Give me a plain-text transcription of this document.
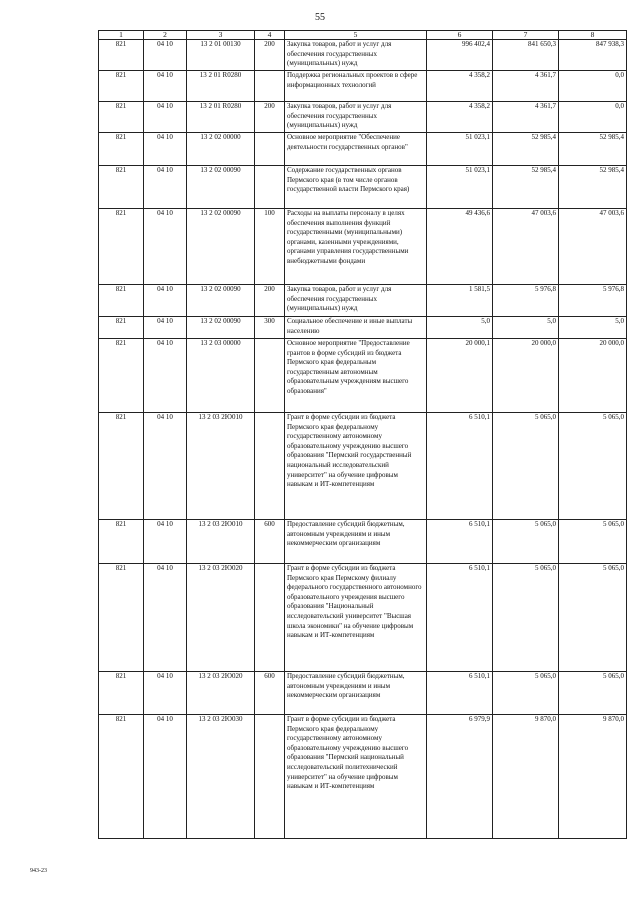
55
1	2	3	4	5	6	7	8
821	04 10	13 2 01 00130	200	Закупка товаров, работ и услуг для обеспечения государственных (муниципальных) нужд	996 402,4	841 650,3	847 938,3
821	04 10	13 2 01 R0280		Поддержка региональных проектов в сфере информационных технологий	4 358,2	4 361,7	0,0
821	04 10	13 2 01 R0280	200	Закупка товаров, работ и услуг для обеспечения государственных (муниципальных) нужд	4 358,2	4 361,7	0,0
821	04 10	13 2 02 00000		Основное мероприятие "Обеспечение деятельности государственных органов"	51 023,1	52 985,4	52 985,4
821	04 10	13 2 02 00090		Содержание государственных органов Пермского края (в том числе органов государственной власти Пермского края)	51 023,1	52 985,4	52 985,4
821	04 10	13 2 02 00090	100	Расходы на выплаты персоналу в целях обеспечения выполнения функций государственными (муниципальными) органами, казенными учреждениями, органами управления государственными внебюджетными фондами	49 436,6	47 003,6	47 003,6
821	04 10	13 2 02 00090	200	Закупка товаров, работ и услуг для обеспечения государственных (муниципальных) нужд	1 581,5	5 976,8	5 976,8
821	04 10	13 2 02 00090	300	Социальное обеспечение и иные выплаты населению	5,0	5,0	5,0
821	04 10	13 2 03 00000		Основное мероприятие "Предоставление грантов в форме субсидий из бюджета Пермского края федеральным государственным автономным образовательным учреждениям высшего образования"	20 000,1	20 000,0	20 000,0
821	04 10	13 2 03 2Ю010		Грант в форме субсидии из бюджета Пермского края федеральному государственному автономному образовательному учреждению высшего образования "Пермский государственный национальный исследовательский университет" на обучение цифровым навыкам и ИТ-компетенциям	6 510,1	5 065,0	5 065,0
821	04 10	13 2 03 2Ю010	600	Предоставление субсидий бюджетным, автономным учреждениям и иным некоммерческим организациям	6 510,1	5 065,0	5 065,0
821	04 10	13 2 03 2Ю020		Грант в форме субсидии из бюджета Пермского края Пермскому филиалу федерального государственного автономного образовательного учреждения высшего образования "Национальный исследовательский университет "Высшая школа экономики" на обучение цифровым навыкам и ИТ-компетенциям	6 510,1	5 065,0	5 065,0
821	04 10	13 2 03 2Ю020	600	Предоставление субсидий бюджетным, автономным учреждениям и иным некоммерческим организациям	6 510,1	5 065,0	5 065,0
821	04 10	13 2 03 2Ю030		Грант в форме субсидии из бюджета Пермского края федеральному государственному автономному образовательному учреждению высшего образования "Пермский национальный исследовательский политехнический университет" на обучение цифровым навыкам и ИТ-компетенциям	6 979,9	9 870,0	9 870,0
943-23
